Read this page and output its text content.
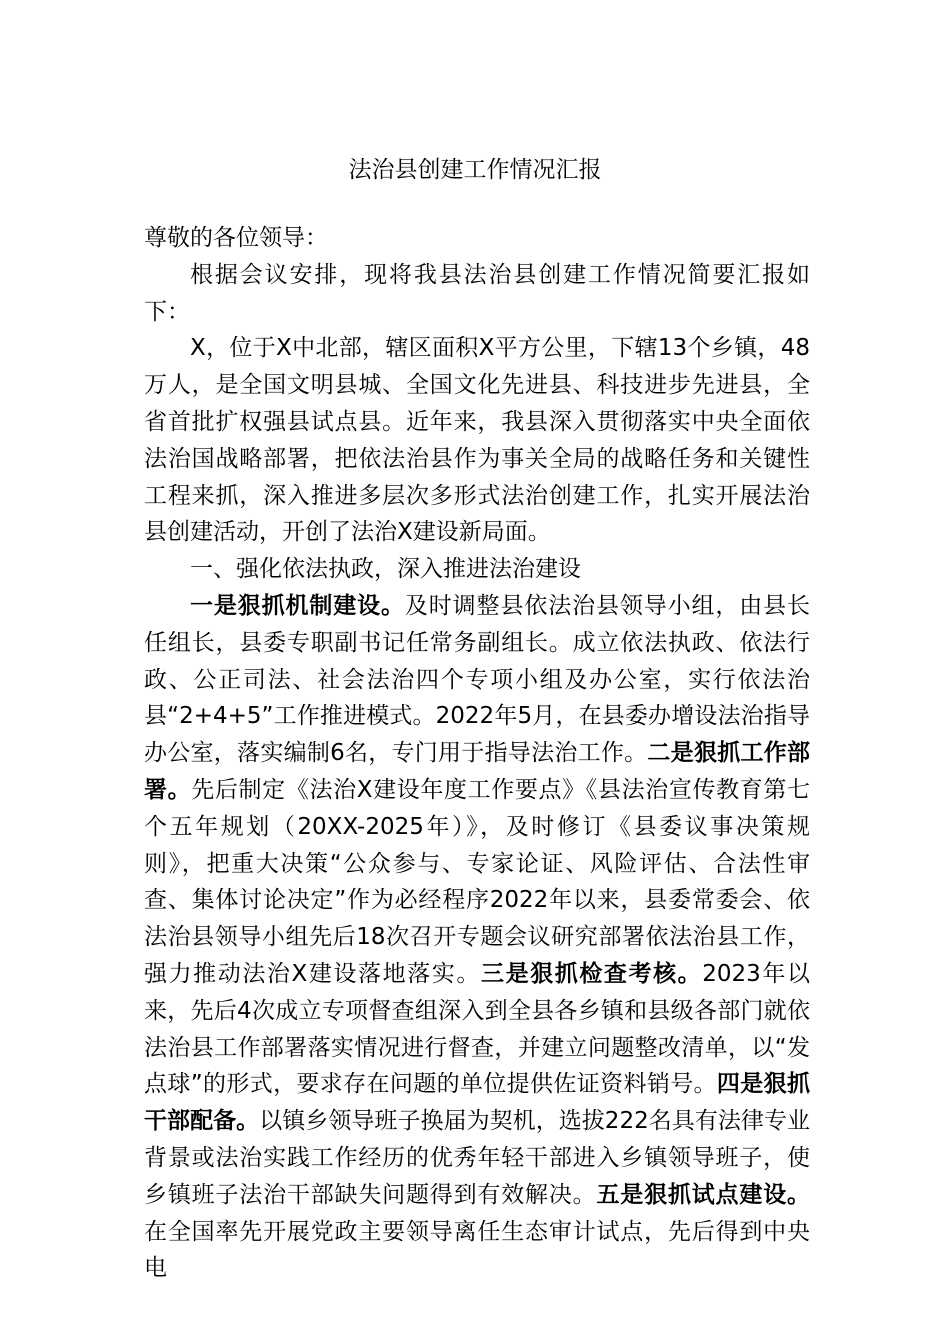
法治县创建工作情况汇报

尊敬的各位领导：

根据会议安排，现将我县法治县创建工作情况简要汇报如下：

X，位于X中北部，辖区面积X平方公里，下辖13个乡镇，48万人，是全国文明县城、全国文化先进县、科技进步先进县，全省首批扩权强县试点县。近年来，我县深入贯彻落实中央全面依法治国战略部署，把依法治县作为事关全局的战略任务和关键性工程来抓，深入推进多层次多形式法治创建工作，扎实开展法治县创建活动，开创了法治X建设新局面。

一、强化依法执政，深入推进法治建设

一是狠抓机制建设。及时调整县依法治县领导小组，由县长任组长，县委专职副书记任常务副组长。成立依法执政、依法行政、公正司法、社会法治四个专项小组及办公室，实行依法治县“2+4+5”工作推进模式。2022年5月，在县委办增设法治指导办公室，落实编制6名，专门用于指导法治工作。二是狠抓工作部署。先后制定《法治X建设年度工作要点》《县法治宣传教育第七个五年规划（20XX-2025年）》，及时修订《县委议事决策规则》，把重大决策“公众参与、专家论证、风险评估、合法性审查、集体讨论决定”作为必经程序2022年以来，县委常委会、依法治县领导小组先后18次召开专题会议研究部署依法治县工作，强力推动法治X建设落地落实。三是狠抓检查考核。2023年以来，先后4次成立专项督查组深入到全县各乡镇和县级各部门就依法治县工作部署落实情况进行督查，并建立问题整改清单，以“发点球”的形式，要求存在问题的单位提供佐证资料销号。四是狠抓干部配备。以镇乡领导班子换届为契机，选拔222名具有法律专业背景或法治实践工作经历的优秀年轻干部进入乡镇领导班子，使乡镇班子法治干部缺失问题得到有效解决。五是狠抓试点建设。在全国率先开展党政主要领导离任生态审计试点，先后得到中央电
